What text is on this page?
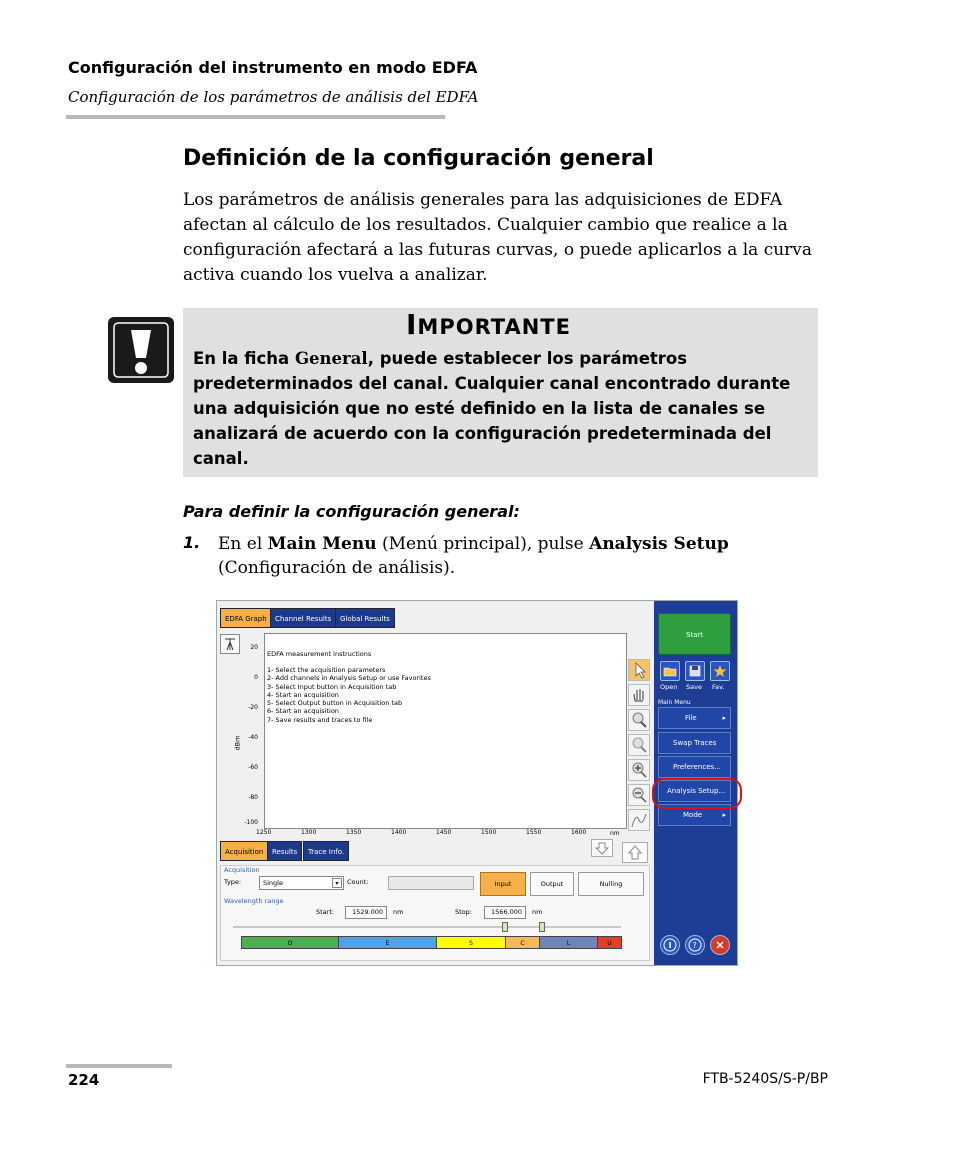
Configuración del instrumento en modo EDFA
Configuración de los parámetros de análisis del EDFA
Definición de la configuración general
Los parámetros de análisis generales para las adquisiciones de EDFA afectan al cálculo de los resultados. Cualquier cambio que realice a la configuración afectará a las futuras curvas, o puede aplicarlos a la curva activa cuando los vuelva a analizar.
IMPORTANTE
En la ficha General, puede establecer los parámetros predeterminados del canal. Cualquier canal encontrado durante una adquisición que no esté definido en la lista de canales se analizará de acuerdo con la configuración predeterminada del canal.
Para definir la configuración general:
1. En el Main Menu (Menú principal), pulse Analysis Setup (Configuración de análisis).
EDFA Graph	Channel Results	Global Results
20
0
-20
-40
-60
-80
-100
dBm
EDFA measurement instructions
1- Select the acquisition parameters
2- Add channels in Analysis Setup or use Favorites
3- Select Input button in Acquisition tab
4- Start an acquisition
5- Select Output button in Acquisition tab
6- Start an acquisition
7- Save results and traces to file
1250	1300	1350	1400	1450	1500	1550	1600	nm
Acquisition	Results	Trace Info.
Acquisition
Type:	Single	▾	Count:	Input	Output	Nulling
Wavelength range
Start:	1529.000	nm	Stop:	1566.000	nm
O	E	S	C	L	U
Start
Open Save Fav.
Main Menu
File	▸
Swap Traces
Preferences...
Analysis Setup...
Mode	▸
?
224	FTB-5240S/S-P/BP
